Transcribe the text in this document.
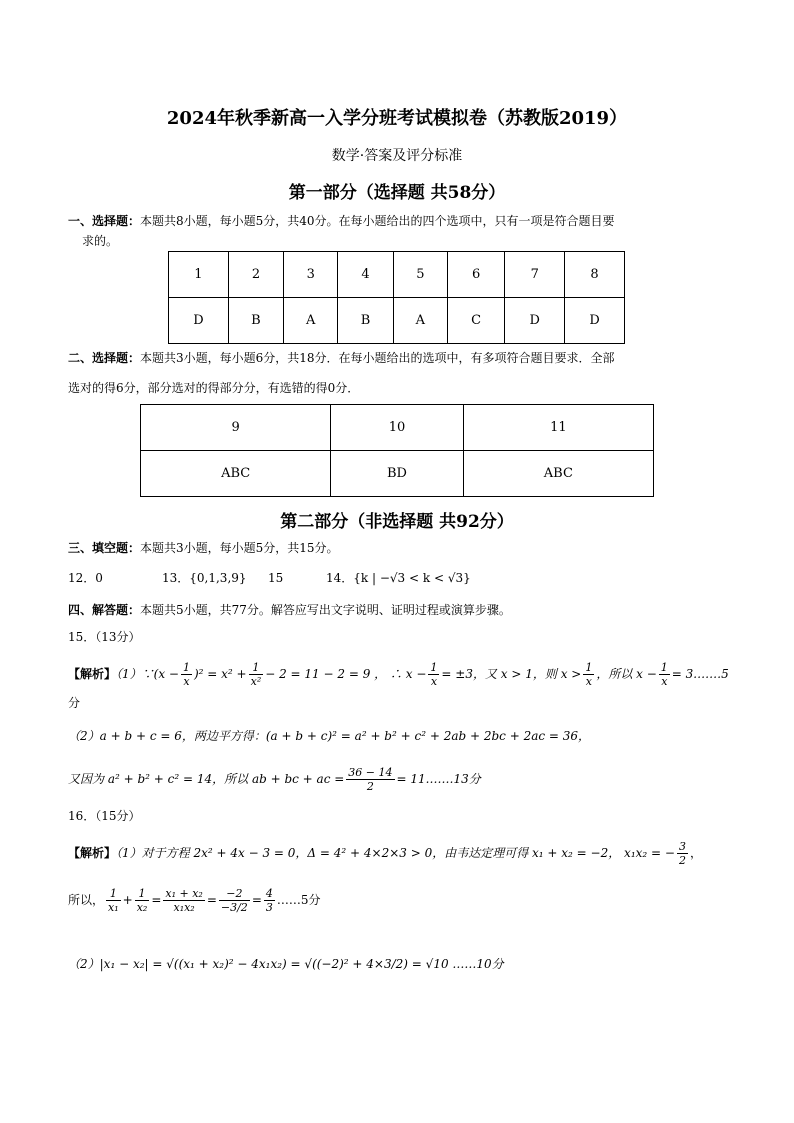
2024年秋季新高一入学分班考试模拟卷（苏教版2019）
数学·答案及评分标准
第一部分（选择题 共58分）
一、选择题：本题共8小题，每小题5分，共40分。在每小题给出的四个选项中，只有一项是符合题目要
求的。
1	2	3	4	5	6	7	8
D	B	A	B	A	C	D	D
二、选择题：本题共3小题，每小题6分，共18分．在每小题给出的选项中，有多项符合题目要求．全部
选对的得6分，部分选对的得部分分，有选错的得0分．
9	10	11
ABC	BD	ABC
第二部分（非选择题 共92分）
三、填空题：本题共3小题，每小题5分，共15分。
12．0	13．{0,1,3,9} 15	14．{k | −√3 < k < √3}
四、解答题：本题共5小题，共77分。解答应写出文字说明、证明过程或演算步骤。
15．（13分）
【解析】（1）∵(x − $\frac{1}{x} )^2 = x^2 + \frac{1}{\text{x²}} - 2 = 11 - 2 = 9$ ， ∴ $x - \frac{1}{x} = \pm 3$，又 x > 1，则 $x > \frac{1}{x}$ ，所以 $x - \frac{1}{x}$ = 3.……5
分
（2）a + b + c = 6，两边平方得：(a + b + c)² = a² + b² + c² + 2ab + 2bc + 2ac = 36，
又因为 a² + b² + c² = 14，所以 ab + bc + ac = $\frac{36 - 14}{2}$ = 11.……13分
16．（15分）
【解析】（1）对于方程 2x² + 4x − 3 = 0，Δ = 4² + 4×2×3 > 0，由韦达定理可得 x₁ + x₂ = −2， x₁x₂ = − $\frac{3}{2}$ ，
所以， $\frac{1}{\text{x₁}} + \frac{1}{\text{x₂}} = \frac{\text{x₁ + x₂}}{\text{x₁x₂}} = \frac{-2}{-3/2} = \frac{4}{3}$ ……5分
（2）|x₁ − x₂| = √((x₁ + x₂)² − 4x₁x₂) = √((−2)² + 4×3/2) = √10 ……10分
